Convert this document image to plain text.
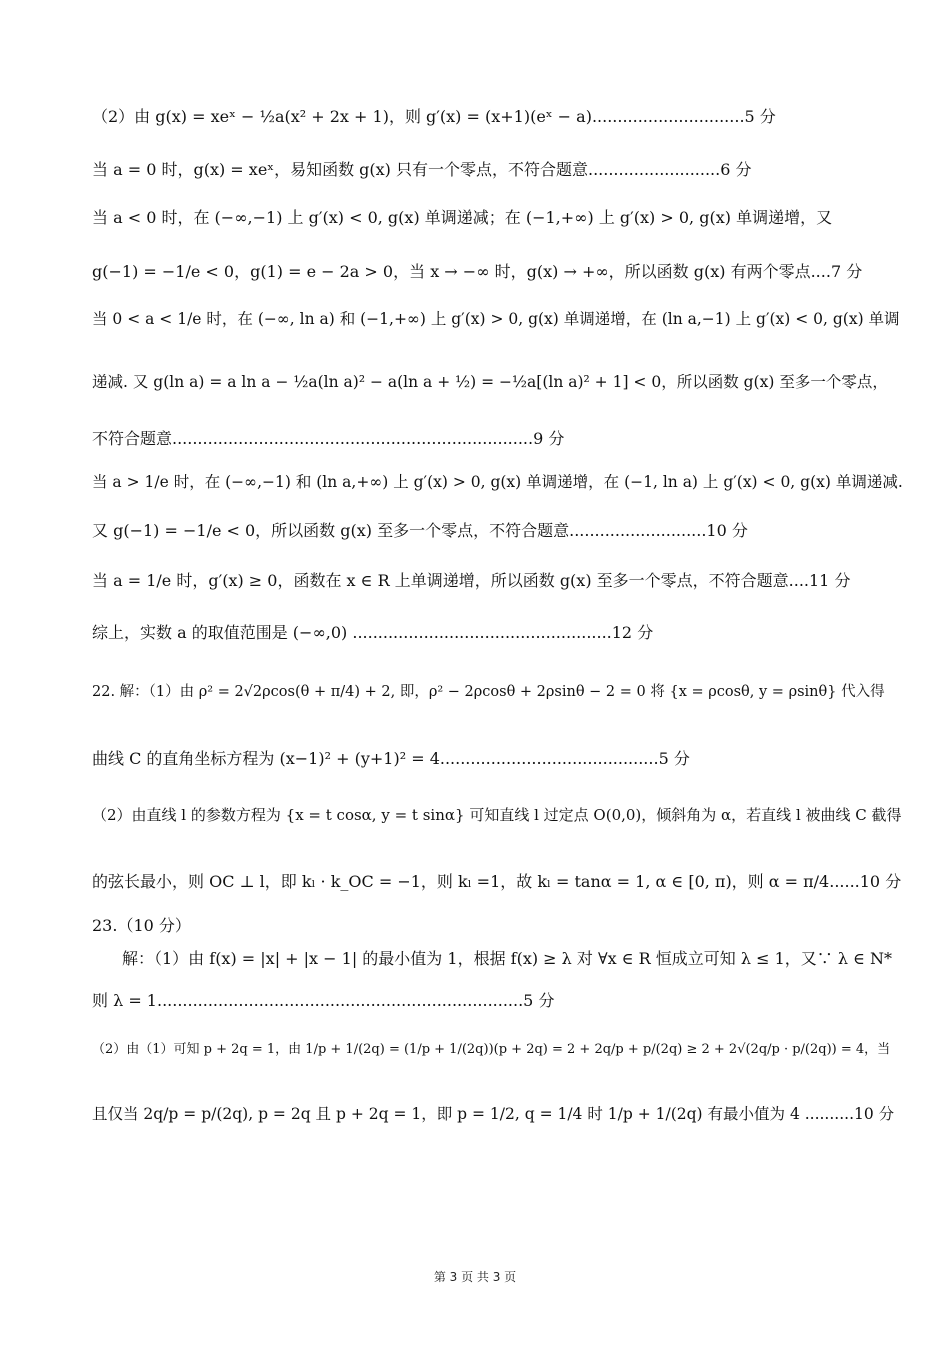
（2）由 g(x) = xeˣ − ½a(x² + 2x + 1)，则 g′(x) = (x+1)(eˣ − a)..............................5 分
当 a = 0 时，g(x) = xeˣ，易知函数 g(x) 只有一个零点，不符合题意..........................6 分
当 a < 0 时，在 (−∞,−1) 上 g′(x) < 0, g(x) 单调递减；在 (−1,+∞) 上 g′(x) > 0, g(x) 单调递增，又
g(−1) = −1/e < 0，g(1) = e − 2a > 0，当 x → −∞ 时，g(x) → +∞，所以函数 g(x) 有两个零点....7 分
当 0 < a < 1/e 时，在 (−∞, ln a) 和 (−1,+∞) 上 g′(x) > 0, g(x) 单调递增，在 (ln a,−1) 上 g′(x) < 0, g(x) 单调
递减. 又 g(ln a) = a ln a − ½a(ln a)² − a(ln a + ½) = −½a[(ln a)² + 1] < 0，所以函数 g(x) 至多一个零点，
不符合题意.......................................................................9 分
当 a > 1/e 时，在 (−∞,−1) 和 (ln a,+∞) 上 g′(x) > 0, g(x) 单调递增，在 (−1, ln a) 上 g′(x) < 0, g(x) 单调递减.
又 g(−1) = −1/e < 0，所以函数 g(x) 至多一个零点，不符合题意...........................10 分
当 a = 1/e 时，g′(x) ≥ 0，函数在 x ∈ R 上单调递增，所以函数 g(x) 至多一个零点，不符合题意....11 分
综上，实数 a 的取值范围是 (−∞,0) ...................................................12 分
22. 解：（1）由 ρ² = 2√2ρcos(θ + π/4) + 2, 即，ρ² − 2ρcosθ + 2ρsinθ − 2 = 0 将 {x = ρcosθ, y = ρsinθ} 代入得
曲线 C 的直角坐标方程为 (x−1)² + (y+1)² = 4...........................................5 分
（2）由直线 l 的参数方程为 {x = t cosα, y = t sinα} 可知直线 l 过定点 O(0,0)，倾斜角为 α，若直线 l 被曲线 C 截得
的弦长最小，则 OC ⊥ l，即 kₗ · k_OC = −1，则 kₗ =1，故 kₗ = tanα = 1, α ∈ [0, π)，则 α = π/4......10 分
23.（10 分）
解：（1）由 f(x) = |x| + |x − 1| 的最小值为 1，根据 f(x) ≥ λ 对 ∀x ∈ R 恒成立可知 λ ≤ 1，又∵ λ ∈ N*
则 λ = 1........................................................................5 分
（2）由（1）可知 p + 2q = 1，由 1/p + 1/(2q) = (1/p + 1/(2q))(p + 2q) = 2 + 2q/p + p/(2q) ≥ 2 + 2√(2q/p · p/(2q)) = 4，当
且仅当 2q/p = p/(2q), p = 2q 且 p + 2q = 1，即 p = 1/2, q = 1/4 时 1/p + 1/(2q) 有最小值为 4 ..........10 分
第 3 页 共 3 页
